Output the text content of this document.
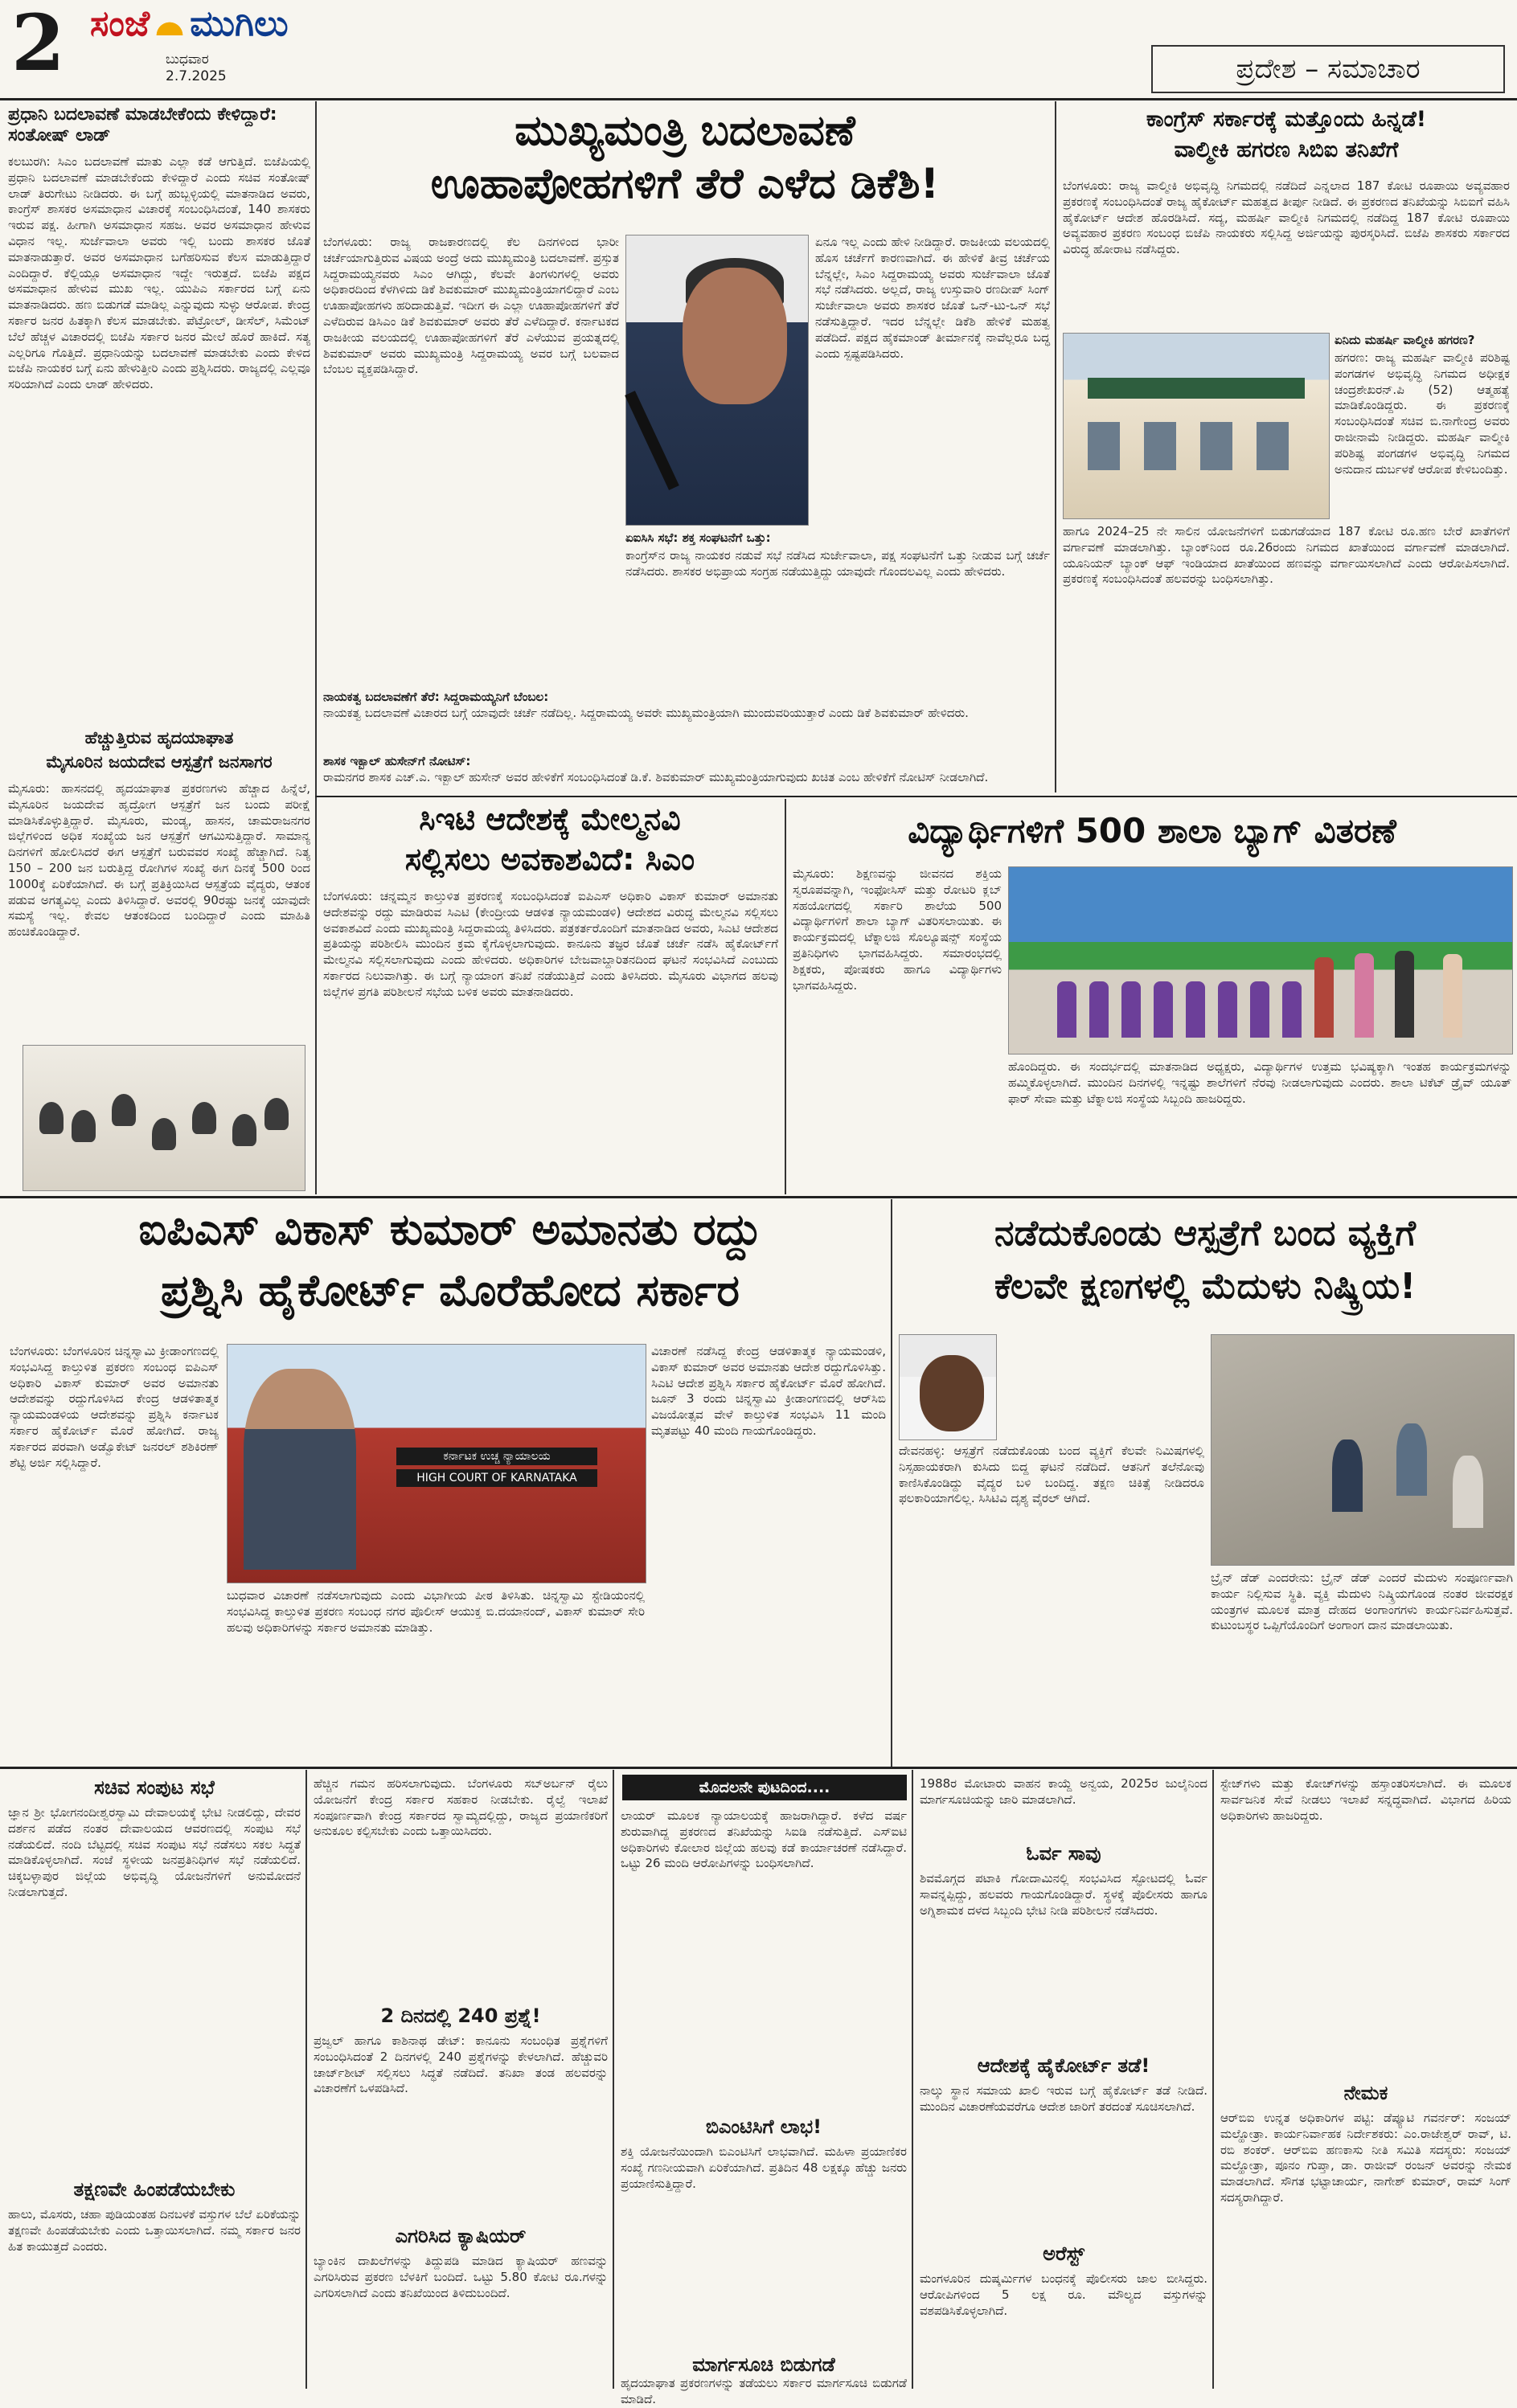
2 ಸಂಜೆ ಮುಗಿಲು
ಬುಧವಾರ
2.7.2025	ಪ್ರದೇಶ – ಸಮಾಚಾರ
ಪ್ರಧಾನಿ ಬದಲಾವಣೆ ಮಾಡಬೇಕೆಂದು ಕೇಳಿದ್ದಾರೆ: ಸಂತೋಷ್ ಲಾಡ್
ಕಲಬುರಗಿ: ಸಿಎಂ ಬದಲಾವಣೆ ಮಾತು ಎಲ್ಲಾ ಕಡೆ ಆಗುತ್ತಿದೆ. ಬಿಜೆಪಿಯಲ್ಲಿ ಪ್ರಧಾನಿ ಬದಲಾವಣೆ ಮಾಡಬೇಕೆಂದು ಕೇಳಿದ್ದಾರೆ ಎಂದು ಸಚಿವ ಸಂತೋಷ್ ಲಾಡ್ ತಿರುಗೇಟು ನೀಡಿದರು. ಈ ಬಗ್ಗೆ ಹುಬ್ಬಳ್ಳಿಯಲ್ಲಿ ಮಾತನಾಡಿದ ಅವರು, ಕಾಂಗ್ರೆಸ್ ಶಾಸಕರ ಅಸಮಾಧಾನ ವಿಚಾರಕ್ಕೆ ಸಂಬಂಧಿಸಿದಂತೆ, 140 ಶಾಸಕರು ಇರುವ ಪಕ್ಷ. ಹೀಗಾಗಿ ಅಸಮಾಧಾನ ಸಹಜ. ಅವರ ಅಸಮಾಧಾನ ಹೇಳುವ ವಿಧಾನ ಇಲ್ಲ. ಸುರ್ಜೆವಾಲಾ ಅವರು ಇಲ್ಲಿ ಬಂದು ಶಾಸಕರ ಜೊತೆ ಮಾತನಾಡುತ್ತಾರೆ. ಅವರ ಅಸಮಾಧಾನ ಬಗೆಹರಿಸುವ ಕೆಲಸ ಮಾಡುತ್ತಿದ್ದಾರೆ ಎಂದಿದ್ದಾರೆ. ಕೆಲ್ಲಿಯ್ಲೂ ಅಸಮಾಧಾನ ಇದ್ದೇ ಇರುತ್ತದೆ. ಬಿಜೆಪಿ ಪಕ್ಷದ ಅಸಮಾಧಾನ ಹೇಳುವ ಮುಖ ಇಲ್ಲ. ಯುಪಿಎ ಸರ್ಕಾರದ ಬಗ್ಗೆ ಏನು ಮಾತನಾಡಿದರು. ಹಣ ಬಿಡುಗಡೆ ಮಾಡಿಲ್ಲ ಎನ್ನುವುದು ಸುಳ್ಳು ಆರೋಪ. ಕೇಂದ್ರ ಸರ್ಕಾರ ಜನರ ಹಿತಕ್ಕಾಗಿ ಕೆಲಸ ಮಾಡಬೇಕು. ಪೆಟ್ರೋಲ್, ಡೀಸೆಲ್, ಸಿಮೆಂಟ್ ಬೆಲೆ ಹೆಚ್ಚಳ ವಿಚಾರದಲ್ಲಿ ಬಿಜೆಪಿ ಸರ್ಕಾರ ಜನರ ಮೇಲೆ ಹೊರೆ ಹಾಕಿದೆ. ಸತ್ಯ ಎಲ್ಲರಿಗೂ ಗೊತ್ತಿದೆ. ಪ್ರಧಾನಿಯನ್ನು ಬದಲಾವಣೆ ಮಾಡಬೇಕು ಎಂದು ಕೇಳಿದ ಬಿಜೆಪಿ ನಾಯಕರ ಬಗ್ಗೆ ಏನು ಹೇಳುತ್ತೀರಿ ಎಂದು ಪ್ರಶ್ನಿಸಿದರು. ರಾಜ್ಯದಲ್ಲಿ ಎಲ್ಲವೂ ಸರಿಯಾಗಿದೆ ಎಂದು ಲಾಡ್ ಹೇಳಿದರು.
ಹೆಚ್ಚುತ್ತಿರುವ ಹೃದಯಾಘಾತ
ಮೈಸೂರಿನ ಜಯದೇವ ಆಸ್ಪತ್ರೆಗೆ ಜನಸಾಗರ
ಮೈಸೂರು: ಹಾಸನದಲ್ಲಿ ಹೃದಯಾಘಾತ ಪ್ರಕರಣಗಳು ಹೆಚ್ಚಾದ ಹಿನ್ನೆಲೆ, ಮೈಸೂರಿನ ಜಯದೇವ ಹೃದ್ರೋಗ ಆಸ್ಪತ್ರೆಗೆ ಜನ ಬಂದು ಪರೀಕ್ಷೆ ಮಾಡಿಸಿಕೊಳ್ಳುತ್ತಿದ್ದಾರೆ. ಮೈಸೂರು, ಮಂಡ್ಯ, ಹಾಸನ, ಚಾಮರಾಜನಗರ ಜಿಲ್ಲೆಗಳಿಂದ ಅಧಿಕ ಸಂಖ್ಯೆಯ ಜನ ಆಸ್ಪತ್ರೆಗೆ ಆಗಮಿಸುತ್ತಿದ್ದಾರೆ. ಸಾಮಾನ್ಯ ದಿನಗಳಿಗೆ ಹೋಲಿಸಿದರೆ ಈಗ ಆಸ್ಪತ್ರೆಗೆ ಬರುವವರ ಸಂಖ್ಯೆ ಹೆಚ್ಚಾಗಿದೆ. ನಿತ್ಯ 150 – 200 ಜನ ಬರುತ್ತಿದ್ದ ರೋಗಿಗಳ ಸಂಖ್ಯೆ ಈಗ ದಿನಕ್ಕೆ 500 ರಿಂದ 1000ಕ್ಕೆ ಏರಿಕೆಯಾಗಿದೆ. ಈ ಬಗ್ಗೆ ಪ್ರತಿಕ್ರಿಯಿಸಿದ ಆಸ್ಪತ್ರೆಯ ವೈದ್ಯರು, ಆತಂಕ ಪಡುವ ಅಗತ್ಯವಿಲ್ಲ ಎಂದು ತಿಳಿಸಿದ್ದಾರೆ. ಅವರಲ್ಲಿ 90ರಷ್ಟು ಜನಕ್ಕೆ ಯಾವುದೇ ಸಮಸ್ಯೆ ಇಲ್ಲ. ಕೇವಲ ಆತಂಕದಿಂದ ಬಂದಿದ್ದಾರೆ ಎಂದು ಮಾಹಿತಿ ಹಂಚಿಕೊಂಡಿದ್ದಾರೆ.
ಮುಖ್ಯಮಂತ್ರಿ ಬದಲಾವಣೆ
ಊಹಾಪೋಹಗಳಿಗೆ ತೆರೆ ಎಳೆದ ಡಿಕೆಶಿ!
ಬೆಂಗಳೂರು: ರಾಜ್ಯ ರಾಜಕಾರಣದಲ್ಲಿ ಕೆಲ ದಿನಗಳಿಂದ ಭಾರೀ ಚರ್ಚೆಯಾಗುತ್ತಿರುವ ವಿಷಯ ಅಂದ್ರೆ ಅದು ಮುಖ್ಯಮಂತ್ರಿ ಬದಲಾವಣೆ. ಪ್ರಸ್ತುತ ಸಿದ್ದರಾಮಯ್ಯನವರು ಸಿಎಂ ಆಗಿದ್ದು, ಕೆಲವೇ ತಿಂಗಳುಗಳಲ್ಲಿ ಅವರು ಅಧಿಕಾರದಿಂದ ಕೆಳಗಿಳಿದು ಡಿಕೆ ಶಿವಕುಮಾರ್ ಮುಖ್ಯಮಂತ್ರಿಯಾಗಲಿದ್ದಾರೆ ಎಂಬ ಊಹಾಪೋಹಗಳು ಹರಿದಾಡುತ್ತಿವೆ. ಇದೀಗ ಈ ಎಲ್ಲಾ ಊಹಾಪೋಹಗಳಿಗೆ ತೆರೆ ಎಳೆದಿರುವ ಡಿಸಿಎಂ ಡಿಕೆ ಶಿವಕುಮಾರ್ ಅವರು ತೆರೆ ಎಳೆದಿದ್ದಾರೆ. ಕರ್ನಾಟಕದ ರಾಜಕೀಯ ವಲಯದಲ್ಲಿ ಊಹಾಪೋಹಗಳಿಗೆ ತೆರೆ ಎಳೆಯುವ ಪ್ರಯತ್ನದಲ್ಲಿ ಶಿವಕುಮಾರ್ ಅವರು ಮುಖ್ಯಮಂತ್ರಿ ಸಿದ್ದರಾಮಯ್ಯ ಅವರ ಬಗ್ಗೆ ಬಲವಾದ ಬೆಂಬಲ ವ್ಯಕ್ತಪಡಿಸಿದ್ದಾರೆ.
ಏನೂ ಇಲ್ಲ ಎಂದು ಹೇಳಿ ನೀಡಿದ್ದಾರೆ. ರಾಜಕೀಯ ವಲಯದಲ್ಲಿ ಹೊಸ ಚರ್ಚೆಗೆ ಕಾರಣವಾಗಿದೆ. ಈ ಹೇಳಿಕೆ ತೀವ್ರ ಚರ್ಚೆಯ ಬೆನ್ನಲ್ಲೇ, ಸಿಎಂ ಸಿದ್ದರಾಮಯ್ಯ ಅವರು ಸುರ್ಜೆವಾಲಾ ಜೊತೆ ಸಭೆ ನಡೆಸಿದರು. ಅಲ್ಲದೆ, ರಾಜ್ಯ ಉಸ್ತುವಾರಿ ರಣದೀಪ್ ಸಿಂಗ್ ಸುರ್ಜೇವಾಲಾ ಅವರು ಶಾಸಕರ ಜೊತೆ ಒನ್-ಟು-ಒನ್ ಸಭೆ ನಡೆಸುತ್ತಿದ್ದಾರೆ. ಇದರ ಬೆನ್ನಲ್ಲೇ ಡಿಕೆಶಿ ಹೇಳಿಕೆ ಮಹತ್ವ ಪಡೆದಿದೆ. ಪಕ್ಷದ ಹೈಕಮಾಂಡ್ ತೀರ್ಮಾನಕ್ಕೆ ನಾವೆಲ್ಲರೂ ಬದ್ಧ ಎಂದು ಸ್ಪಷ್ಟಪಡಿಸಿದರು.
ಏಐಸಿಸಿ ಸಭೆ: ಶಕ್ತ ಸಂಘಟನೆಗೆ ಒತ್ತು:
ಕಾಂಗ್ರೆಸ್‌ನ ರಾಜ್ಯ ನಾಯಕರ ನಡುವೆ ಸಭೆ ನಡೆಸಿದ ಸುರ್ಜೇವಾಲಾ, ಪಕ್ಷ ಸಂಘಟನೆಗೆ ಒತ್ತು ನೀಡುವ ಬಗ್ಗೆ ಚರ್ಚೆ ನಡೆಸಿದರು. ಶಾಸಕರ ಅಭಿಪ್ರಾಯ ಸಂಗ್ರಹ ನಡೆಯುತ್ತಿದ್ದು ಯಾವುದೇ ಗೊಂದಲವಿಲ್ಲ ಎಂದು ಹೇಳಿದರು.
ನಾಯಕತ್ವ ಬದಲಾವಣೆಗೆ ತೆರೆ: ಸಿದ್ದರಾಮಯ್ಯನಿಗೆ ಬೆಂಬಲ:
ನಾಯಕತ್ವ ಬದಲಾವಣೆ ವಿಚಾರದ ಬಗ್ಗೆ ಯಾವುದೇ ಚರ್ಚೆ ನಡೆದಿಲ್ಲ. ಸಿದ್ದರಾಮಯ್ಯ ಅವರೇ ಮುಖ್ಯಮಂತ್ರಿಯಾಗಿ ಮುಂದುವರಿಯುತ್ತಾರೆ ಎಂದು ಡಿಕೆ ಶಿವಕುಮಾರ್ ಹೇಳಿದರು.
ಶಾಸಕ ಇಕ್ಬಾಲ್ ಹುಸೇನ್‌ಗೆ ನೋಟಿಸ್:
ರಾಮನಗರ ಶಾಸಕ ಎಚ್.ಎ. ಇಕ್ಬಾಲ್ ಹುಸೇನ್ ಅವರ ಹೇಳಿಕೆಗೆ ಸಂಬಂಧಿಸಿದಂತೆ ಡಿ.ಕೆ. ಶಿವಕುಮಾರ್ ಮುಖ್ಯಮಂತ್ರಿಯಾಗುವುದು ಖಚಿತ ಎಂಬ ಹೇಳಿಕೆಗೆ ನೋಟಿಸ್ ನೀಡಲಾಗಿದೆ.
ಕಾಂಗ್ರೆಸ್ ಸರ್ಕಾರಕ್ಕೆ ಮತ್ತೊಂದು ಹಿನ್ನಡೆ!
ವಾಲ್ಮೀಕಿ ಹಗರಣ ಸಿಬಿಐ ತನಿಖೆಗೆ
ಬೆಂಗಳೂರು: ರಾಜ್ಯ ವಾಲ್ಮೀಕಿ ಅಭಿವೃದ್ಧಿ ನಿಗಮದಲ್ಲಿ ನಡೆದಿದೆ ಎನ್ನಲಾದ 187 ಕೋಟಿ ರೂಪಾಯಿ ಅವ್ಯವಹಾರ ಪ್ರಕರಣಕ್ಕೆ ಸಂಬಂಧಿಸಿದಂತೆ ರಾಜ್ಯ ಹೈಕೋರ್ಟ್ ಮಹತ್ವದ ತೀರ್ಪು ನೀಡಿದೆ. ಈ ಪ್ರಕರಣದ ತನಿಖೆಯನ್ನು ಸಿಬಿಐಗೆ ವಹಿಸಿ ಹೈಕೋರ್ಟ್ ಆದೇಶ ಹೊರಡಿಸಿದೆ. ಸದ್ಯ, ಮಹರ್ಷಿ ವಾಲ್ಮೀಕಿ ನಿಗಮದಲ್ಲಿ ನಡೆದಿದ್ದ 187 ಕೋಟಿ ರೂಪಾಯಿ ಅವ್ಯವಹಾರ ಪ್ರಕರಣ ಸಂಬಂಧ ಬಿಜೆಪಿ ನಾಯಕರು ಸಲ್ಲಿಸಿದ್ದ ಅರ್ಜಿಯನ್ನು ಪುರಸ್ಕರಿಸಿದೆ. ಬಿಜೆಪಿ ಶಾಸಕರು ಸರ್ಕಾರದ ವಿರುದ್ಧ ಹೋರಾಟ ನಡೆಸಿದ್ದರು.
ಏನಿದು ಮಹರ್ಷಿ ವಾಲ್ಮೀಕಿ ಹಗರಣ?
ಹಗರಣ: ರಾಜ್ಯ ಮಹರ್ಷಿ ವಾಲ್ಮೀಕಿ ಪರಿಶಿಷ್ಟ ಪಂಗಡಗಳ ಅಭಿವೃದ್ಧಿ ನಿಗಮದ ಅಧೀಕ್ಷಕ ಚಂದ್ರಶೇಖರನ್.ಪಿ (52) ಆತ್ಮಹತ್ಯೆ ಮಾಡಿಕೊಂಡಿದ್ದರು. ಈ ಪ್ರಕರಣಕ್ಕೆ ಸಂಬಂಧಿಸಿದಂತೆ ಸಚಿವ ಬಿ.ನಾಗೇಂದ್ರ ಅವರು ರಾಜೀನಾಮೆ ನೀಡಿದ್ದರು. ಮಹರ್ಷಿ ವಾಲ್ಮೀಕಿ ಪರಿಶಿಷ್ಟ ಪಂಗಡಗಳ ಅಭಿವೃದ್ಧಿ ನಿಗಮದ ಅನುದಾನ ದುರ್ಬಳಕೆ ಆರೋಪ ಕೇಳಿಬಂದಿತ್ತು.
ಹಾಗೂ 2024–25 ನೇ ಸಾಲಿನ ಯೋಜನೆಗಳಿಗೆ ಬಿಡುಗಡೆಯಾದ 187 ಕೋಟಿ ರೂ.ಹಣ ಬೇರೆ ಖಾತೆಗಳಿಗೆ ವರ್ಗಾವಣೆ ಮಾಡಲಾಗಿತ್ತು. ಬ್ಯಾಂಕ್‌ನಿಂದ ರೂ.26ರಂದು ನಿಗಮದ ಖಾತೆಯಿಂದ ವರ್ಗಾವಣೆ ಮಾಡಲಾಗಿದೆ. ಯೂನಿಯನ್ ಬ್ಯಾಂಕ್ ಆಫ್ ಇಂಡಿಯಾದ ಖಾತೆಯಿಂದ ಹಣವನ್ನು ವರ್ಗಾಯಿಸಲಾಗಿದೆ ಎಂದು ಆರೋಪಿಸಲಾಗಿದೆ. ಪ್ರಕರಣಕ್ಕೆ ಸಂಬಂಧಿಸಿದಂತೆ ಹಲವರನ್ನು ಬಂಧಿಸಲಾಗಿತ್ತು.
ಸಿಇಟಿ ಆದೇಶಕ್ಕೆ ಮೇಲ್ಮನವಿ
ಸಲ್ಲಿಸಲು ಅವಕಾಶವಿದೆ: ಸಿಎಂ
ಬೆಂಗಳೂರು: ಚನ್ನಮ್ಮನ ಕಾಲ್ತುಳಿತ ಪ್ರಕರಣಕ್ಕೆ ಸಂಬಂಧಿಸಿದಂತೆ ಐಪಿಎಸ್ ಅಧಿಕಾರಿ ವಿಕಾಸ್ ಕುಮಾರ್ ಅಮಾನತು ಆದೇಶವನ್ನು ರದ್ದು ಮಾಡಿರುವ ಸಿಎಟಿ (ಕೇಂದ್ರೀಯ ಆಡಳಿತ ನ್ಯಾಯಮಂಡಳಿ) ಆದೇಶದ ವಿರುದ್ಧ ಮೇಲ್ಮನವಿ ಸಲ್ಲಿಸಲು ಅವಕಾಶವಿದೆ ಎಂದು ಮುಖ್ಯಮಂತ್ರಿ ಸಿದ್ದರಾಮಯ್ಯ ತಿಳಿಸಿದರು. ಪತ್ರಕರ್ತರೊಂದಿಗೆ ಮಾತನಾಡಿದ ಅವರು, ಸಿಎಟಿ ಆದೇಶದ ಪ್ರತಿಯನ್ನು ಪರಿಶೀಲಿಸಿ ಮುಂದಿನ ಕ್ರಮ ಕೈಗೊಳ್ಳಲಾಗುವುದು. ಕಾನೂನು ತಜ್ಞರ ಜೊತೆ ಚರ್ಚೆ ನಡೆಸಿ ಹೈಕೋರ್ಟ್‌ಗೆ ಮೇಲ್ಮನವಿ ಸಲ್ಲಿಸಲಾಗುವುದು ಎಂದು ಹೇಳಿದರು. ಅಧಿಕಾರಿಗಳ ಬೇಜವಾಬ್ದಾರಿತನದಿಂದ ಘಟನೆ ಸಂಭವಿಸಿದೆ ಎಂಬುದು ಸರ್ಕಾರದ ನಿಲುವಾಗಿತ್ತು. ಈ ಬಗ್ಗೆ ನ್ಯಾಯಾಂಗ ತನಿಖೆ ನಡೆಯುತ್ತಿದೆ ಎಂದು ತಿಳಿಸಿದರು. ಮೈಸೂರು ವಿಭಾಗದ ಹಲವು ಜಿಲ್ಲೆಗಳ ಪ್ರಗತಿ ಪರಿಶೀಲನೆ ಸಭೆಯ ಬಳಿಕ ಅವರು ಮಾತನಾಡಿದರು.
ವಿದ್ಯಾರ್ಥಿಗಳಿಗೆ 500 ಶಾಲಾ ಬ್ಯಾಗ್ ವಿತರಣೆ
ಮೈಸೂರು: ಶಿಕ್ಷಣವನ್ನು ಜೀವನದ ಶಕ್ತಿಯ ಸ್ವರೂಪವನ್ನಾಗಿ, ಇಂಫೋಸಿಸ್ ಮತ್ತು ರೋಟರಿ ಕ್ಲಬ್ ಸಹಯೋಗದಲ್ಲಿ ಸರ್ಕಾರಿ ಶಾಲೆಯ 500 ವಿದ್ಯಾರ್ಥಿಗಳಿಗೆ ಶಾಲಾ ಬ್ಯಾಗ್ ವಿತರಿಸಲಾಯಿತು. ಈ ಕಾರ್ಯಕ್ರಮದಲ್ಲಿ ಟೆಕ್ನಾಲಜಿ ಸೊಲ್ಯೂಷನ್ಸ್ ಸಂಸ್ಥೆಯ ಪ್ರತಿನಿಧಿಗಳು ಭಾಗವಹಿಸಿದ್ದರು. ಸಮಾರಂಭದಲ್ಲಿ ಶಿಕ್ಷಕರು, ಪೋಷಕರು ಹಾಗೂ ವಿದ್ಯಾರ್ಥಿಗಳು ಭಾಗವಹಿಸಿದ್ದರು.
ಹೊಂದಿದ್ದರು. ಈ ಸಂದರ್ಭದಲ್ಲಿ ಮಾತನಾಡಿದ ಅಧ್ಯಕ್ಷರು, ವಿದ್ಯಾರ್ಥಿಗಳ ಉತ್ತಮ ಭವಿಷ್ಯಕ್ಕಾಗಿ ಇಂತಹ ಕಾರ್ಯಕ್ರಮಗಳನ್ನು ಹಮ್ಮಿಕೊಳ್ಳಲಾಗಿದೆ. ಮುಂದಿನ ದಿನಗಳಲ್ಲಿ ಇನ್ನಷ್ಟು ಶಾಲೆಗಳಿಗೆ ನೆರವು ನೀಡಲಾಗುವುದು ಎಂದರು. ಶಾಲಾ ಟಿಕೆಟ್ ಡ್ರೈವ್ ಯೂತ್ ಫಾರ್ ಸೇವಾ ಮತ್ತು ಟೆಕ್ನಾಲಜಿ ಸಂಸ್ಥೆಯ ಸಿಬ್ಬಂದಿ ಹಾಜರಿದ್ದರು.
ಐಪಿಎಸ್ ವಿಕಾಸ್ ಕುಮಾರ್ ಅಮಾನತು ರದ್ದು
ಪ್ರಶ್ನಿಸಿ ಹೈಕೋರ್ಟ್ ಮೊರೆಹೋದ ಸರ್ಕಾರ
ಬೆಂಗಳೂರು: ಬೆಂಗಳೂರಿನ ಚಿನ್ನಸ್ವಾಮಿ ಕ್ರೀಡಾಂಗಣದಲ್ಲಿ ಸಂಭವಿಸಿದ್ದ ಕಾಲ್ತುಳಿತ ಪ್ರಕರಣ ಸಂಬಂಧ ಐಪಿಎಸ್ ಅಧಿಕಾರಿ ವಿಕಾಸ್ ಕುಮಾರ್ ಅವರ ಅಮಾನತು ಆದೇಶವನ್ನು ರದ್ದುಗೊಳಿಸಿದ ಕೇಂದ್ರ ಆಡಳಿತಾತ್ಮಕ ನ್ಯಾಯಮಂಡಳಿಯ ಆದೇಶವನ್ನು ಪ್ರಶ್ನಿಸಿ ಕರ್ನಾಟಕ ಸರ್ಕಾರ ಹೈಕೋರ್ಟ್ ಮೊರೆ ಹೋಗಿದೆ. ರಾಜ್ಯ ಸರ್ಕಾರದ ಪರವಾಗಿ ಅಡ್ವೊಕೇಟ್ ಜನರಲ್ ಶಶಿಕಿರಣ್ ಶೆಟ್ಟಿ ಅರ್ಜಿ ಸಲ್ಲಿಸಿದ್ದಾರೆ.
HIGH COURT OF KARNATAKA
ಕರ್ನಾಟಕ ಉಚ್ಚ ನ್ಯಾಯಾಲಯ
ಬುಧವಾರ ವಿಚಾರಣೆ ನಡೆಸಲಾಗುವುದು ಎಂದು ವಿಭಾಗೀಯ ಪೀಠ ತಿಳಿಸಿತು. ಚಿನ್ನಸ್ವಾಮಿ ಸ್ಟೇಡಿಯಂನಲ್ಲಿ ಸಂಭವಿಸಿದ್ದ ಕಾಲ್ತುಳಿತ ಪ್ರಕರಣ ಸಂಬಂಧ ನಗರ ಪೊಲೀಸ್ ಆಯುಕ್ತ ಬಿ.ದಯಾನಂದ್, ವಿಕಾಸ್ ಕುಮಾರ್ ಸೇರಿ ಹಲವು ಅಧಿಕಾರಿಗಳನ್ನು ಸರ್ಕಾರ ಅಮಾನತು ಮಾಡಿತ್ತು.
ವಿಚಾರಣೆ ನಡೆಸಿದ್ದ ಕೇಂದ್ರ ಆಡಳಿತಾತ್ಮಕ ನ್ಯಾಯಮಂಡಳಿ, ವಿಕಾಸ್ ಕುಮಾರ್ ಅವರ ಅಮಾನತು ಆದೇಶ ರದ್ದುಗೊಳಿಸಿತ್ತು. ಸಿಎಟಿ ಆದೇಶ ಪ್ರಶ್ನಿಸಿ ಸರ್ಕಾರ ಹೈಕೋರ್ಟ್ ಮೊರೆ ಹೋಗಿದೆ. ಜೂನ್ 3 ರಂದು ಚಿನ್ನಸ್ವಾಮಿ ಕ್ರೀಡಾಂಗಣದಲ್ಲಿ ಆರ್‌ಸಿಬಿ ವಿಜಯೋತ್ಸವ ವೇಳೆ ಕಾಲ್ತುಳಿತ ಸಂಭವಿಸಿ 11 ಮಂದಿ ಮೃತಪಟ್ಟು 40 ಮಂದಿ ಗಾಯಗೊಂಡಿದ್ದರು.
ನಡೆದುಕೊಂಡು ಆಸ್ಪತ್ರೆಗೆ ಬಂದ ವ್ಯಕ್ತಿಗೆ
ಕೆಲವೇ ಕ್ಷಣಗಳಲ್ಲಿ ಮೆದುಳು ನಿಷ್ಕ್ರಿಯ!
ದೇವನಹಳ್ಳಿ: ಆಸ್ಪತ್ರೆಗೆ ನಡೆದುಕೊಂಡು ಬಂದ ವ್ಯಕ್ತಿಗೆ ಕೆಲವೇ ನಿಮಿಷಗಳಲ್ಲಿ ನಿಸ್ಸಹಾಯಕರಾಗಿ ಕುಸಿದು ಬಿದ್ದ ಘಟನೆ ನಡೆದಿದೆ. ಆತನಿಗೆ ತಲೆನೋವು ಕಾಣಿಸಿಕೊಂಡಿದ್ದು ವೈದ್ಯರ ಬಳಿ ಬಂದಿದ್ದ. ತಕ್ಷಣ ಚಿಕಿತ್ಸೆ ನೀಡಿದರೂ ಫಲಕಾರಿಯಾಗಲಿಲ್ಲ. ಸಿಸಿಟಿವಿ ದೃಶ್ಯ ವೈರಲ್ ಆಗಿದೆ.
ಬ್ರೈನ್ ಡೆಡ್ ಎಂದರೇನು: ಬ್ರೈನ್ ಡೆಡ್ ಎಂದರೆ ಮೆದುಳು ಸಂಪೂರ್ಣವಾಗಿ ಕಾರ್ಯ ನಿಲ್ಲಿಸುವ ಸ್ಥಿತಿ. ವ್ಯಕ್ತಿ ಮೆದುಳು ನಿಷ್ಕ್ರಿಯಗೊಂಡ ನಂತರ ಜೀವರಕ್ಷಕ ಯಂತ್ರಗಳ ಮೂಲಕ ಮಾತ್ರ ದೇಹದ ಅಂಗಾಂಗಗಳು ಕಾರ್ಯನಿರ್ವಹಿಸುತ್ತವೆ. ಕುಟುಂಬಸ್ಥರ ಒಪ್ಪಿಗೆಯೊಂದಿಗೆ ಅಂಗಾಂಗ ದಾನ ಮಾಡಲಾಯಿತು.
ಸಚಿವ ಸಂಪುಟ ಸಭೆ
ಜ್ಞಾನ ಶ್ರೀ ಭೋಗನಂದೀಶ್ವರಸ್ವಾಮಿ ದೇವಾಲಯಕ್ಕೆ ಭೇಟಿ ನೀಡಲಿದ್ದು, ದೇವರ ದರ್ಶನ ಪಡೆದ ನಂತರ ದೇವಾಲಯದ ಆವರಣದಲ್ಲಿ ಸಂಪುಟ ಸಭೆ ನಡೆಯಲಿದೆ. ನಂದಿ ಬೆಟ್ಟದಲ್ಲಿ ಸಚಿವ ಸಂಪುಟ ಸಭೆ ನಡೆಸಲು ಸಕಲ ಸಿದ್ಧತೆ ಮಾಡಿಕೊಳ್ಳಲಾಗಿದೆ. ಸಂಜೆ ಸ್ಥಳೀಯ ಜನಪ್ರತಿನಿಧಿಗಳ ಸಭೆ ನಡೆಯಲಿದೆ. ಚಿಕ್ಕಬಳ್ಳಾಪುರ ಜಿಲ್ಲೆಯ ಅಭಿವೃದ್ಧಿ ಯೋಜನೆಗಳಿಗೆ ಅನುಮೋದನೆ ನೀಡಲಾಗುತ್ತದೆ.
ತಕ್ಷಣವೇ ಹಿಂಪಡೆಯಬೇಕು
ಹಾಲು, ಮೊಸರು, ಚಹಾ ಪುಡಿಯಂತಹ ದಿನಬಳಕೆ ವಸ್ತುಗಳ ಬೆಲೆ ಏರಿಕೆಯನ್ನು ತಕ್ಷಣವೇ ಹಿಂಪಡೆಯಬೇಕು ಎಂದು ಒತ್ತಾಯಿಸಲಾಗಿದೆ. ನಮ್ಮ ಸರ್ಕಾರ ಜನರ ಹಿತ ಕಾಯುತ್ತದೆ ಎಂದರು.
ಹೆಚ್ಚಿನ ಗಮನ ಹರಿಸಲಾಗುವುದು. ಬೆಂಗಳೂರು ಸಬ್‌ಅರ್ಬನ್ ರೈಲು ಯೋಜನೆಗೆ ಕೇಂದ್ರ ಸರ್ಕಾರ ಸಹಕಾರ ನೀಡಬೇಕು. ರೈಲ್ವೆ ಇಲಾಖೆ ಸಂಪೂರ್ಣವಾಗಿ ಕೇಂದ್ರ ಸರ್ಕಾರದ ಸ್ವಾಮ್ಯದಲ್ಲಿದ್ದು, ರಾಜ್ಯದ ಪ್ರಯಾಣಿಕರಿಗೆ ಅನುಕೂಲ ಕಲ್ಪಿಸಬೇಕು ಎಂದು ಒತ್ತಾಯಿಸಿದರು.
2 ದಿನದಲ್ಲಿ 240 ಪ್ರಶ್ನೆ!
ಪ್ರಜ್ವಲ್ ಹಾಗೂ ಕಾಶಿನಾಥ ಡೇಟ್: ಕಾನೂನು ಸಂಬಂಧಿತ ಪ್ರಶ್ನೆಗಳಿಗೆ ಸಂಬಂಧಿಸಿದಂತೆ 2 ದಿನಗಳಲ್ಲಿ 240 ಪ್ರಶ್ನೆಗಳನ್ನು ಕೇಳಲಾಗಿದೆ. ಹೆಚ್ಚುವರಿ ಚಾರ್ಜ್‌ಶೀಟ್ ಸಲ್ಲಿಸಲು ಸಿದ್ಧತೆ ನಡೆದಿದೆ. ತನಿಖಾ ತಂಡ ಹಲವರನ್ನು ವಿಚಾರಣೆಗೆ ಒಳಪಡಿಸಿದೆ.
ಎಗರಿಸಿದ ಕ್ಯಾಷಿಯರ್
ಬ್ಯಾಂಕಿನ ದಾಖಲೆಗಳನ್ನು ತಿದ್ದುಪಡಿ ಮಾಡಿದ ಕ್ಯಾಷಿಯರ್ ಹಣವನ್ನು ಎಗರಿಸಿರುವ ಪ್ರಕರಣ ಬೆಳಕಿಗೆ ಬಂದಿದೆ. ಒಟ್ಟು 5.80 ಕೋಟಿ ರೂ.ಗಳನ್ನು ಎಗರಿಸಲಾಗಿದೆ ಎಂದು ತನಿಖೆಯಿಂದ ತಿಳಿದುಬಂದಿದೆ.
ಮೊದಲನೇ ಪುಟದಿಂದ....
ಲಾಯರ್ ಮೂಲಕ ನ್ಯಾಯಾಲಯಕ್ಕೆ ಹಾಜರಾಗಿದ್ದಾರೆ. ಕಳೆದ ವರ್ಷ ಶುರುವಾಗಿದ್ದ ಪ್ರಕರಣದ ತನಿಖೆಯನ್ನು ಸಿಐಡಿ ನಡೆಸುತ್ತಿದೆ. ಎಸ್ಐಟಿ ಅಧಿಕಾರಿಗಳು ಕೋಲಾರ ಜಿಲ್ಲೆಯ ಹಲವು ಕಡೆ ಕಾರ್ಯಾಚರಣೆ ನಡೆಸಿದ್ದಾರೆ. ಒಟ್ಟು 26 ಮಂದಿ ಆರೋಪಿಗಳನ್ನು ಬಂಧಿಸಲಾಗಿದೆ.
ಬಿಎಂಟಿಸಿಗೆ ಲಾಭ!
ಶಕ್ತಿ ಯೋಜನೆಯಿಂದಾಗಿ ಬಿಎಂಟಿಸಿಗೆ ಲಾಭವಾಗಿದೆ. ಮಹಿಳಾ ಪ್ರಯಾಣಿಕರ ಸಂಖ್ಯೆ ಗಣನೀಯವಾಗಿ ಏರಿಕೆಯಾಗಿದೆ. ಪ್ರತಿದಿನ 48 ಲಕ್ಷಕ್ಕೂ ಹೆಚ್ಚು ಜನರು ಪ್ರಯಾಣಿಸುತ್ತಿದ್ದಾರೆ.
ಮಾರ್ಗಸೂಚಿ ಬಿಡುಗಡೆ
ಹೃದಯಾಘಾತ ಪ್ರಕರಣಗಳನ್ನು ತಡೆಯಲು ಸರ್ಕಾರ ಮಾರ್ಗಸೂಚಿ ಬಿಡುಗಡೆ ಮಾಡಿದೆ.
1988ರ ಮೋಟಾರು ವಾಹನ ಕಾಯ್ದೆ ಅನ್ವಯ, 2025ರ ಜುಲೈನಿಂದ ಮಾರ್ಗಸೂಚಿಯನ್ನು ಜಾರಿ ಮಾಡಲಾಗಿದೆ.
ಓರ್ವ ಸಾವು
ಶಿವಮೊಗ್ಗದ ಪಟಾಕಿ ಗೋದಾಮಿನಲ್ಲಿ ಸಂಭವಿಸಿದ ಸ್ಫೋಟದಲ್ಲಿ ಓರ್ವ ಸಾವನ್ನಪ್ಪಿದ್ದು, ಹಲವರು ಗಾಯಗೊಂಡಿದ್ದಾರೆ. ಸ್ಥಳಕ್ಕೆ ಪೊಲೀಸರು ಹಾಗೂ ಅಗ್ನಿಶಾಮಕ ದಳದ ಸಿಬ್ಬಂದಿ ಭೇಟಿ ನೀಡಿ ಪರಿಶೀಲನೆ ನಡೆಸಿದರು.
ಆದೇಶಕ್ಕೆ ಹೈಕೋರ್ಟ್ ತಡೆ!
ನಾಲ್ಕು ಸ್ಥಾನ ಸಮಾಯ ಖಾಲಿ ಇರುವ ಬಗ್ಗೆ ಹೈಕೋರ್ಟ್ ತಡೆ ನೀಡಿದೆ. ಮುಂದಿನ ವಿಚಾರಣೆಯವರೆಗೂ ಆದೇಶ ಜಾರಿಗೆ ತರದಂತೆ ಸೂಚಿಸಲಾಗಿದೆ.
ಅರೆಸ್ಟ್
ಮಂಗಳೂರಿನ ದುಷ್ಕರ್ಮಿಗಳ ಬಂಧನಕ್ಕೆ ಪೊಲೀಸರು ಜಾಲ ಬೀಸಿದ್ದರು. ಆರೋಪಿಗಳಿಂದ 5 ಲಕ್ಷ ರೂ. ಮೌಲ್ಯದ ವಸ್ತುಗಳನ್ನು ವಶಪಡಿಸಿಕೊಳ್ಳಲಾಗಿದೆ.
ಸ್ಟೇಜ್‌ಗಳು ಮತ್ತು ಕೋಚ್‌ಗಳನ್ನು ಹಸ್ತಾಂತರಿಸಲಾಗಿದೆ. ಈ ಮೂಲಕ ಸಾರ್ವಜನಿಕ ಸೇವೆ ನೀಡಲು ಇಲಾಖೆ ಸನ್ನದ್ಧವಾಗಿದೆ. ವಿಭಾಗದ ಹಿರಿಯ ಅಧಿಕಾರಿಗಳು ಹಾಜರಿದ್ದರು.
ನೇಮಕ
ಆರ್‌ಬಿಐ ಉನ್ನತ ಅಧಿಕಾರಿಗಳ ಪಟ್ಟಿ: ಡೆಪ್ಯೂಟಿ ಗವರ್ನರ್: ಸಂಜಯ್ ಮಲ್ಹೋತ್ರಾ. ಕಾರ್ಯನಿರ್ವಾಹಕ ನಿರ್ದೇಶಕರು: ಎಂ.ರಾಜೇಶ್ವರ್ ರಾವ್, ಟಿ. ರಬಿ ಶಂಕರ್. ಆರ್‌ಬಿಐ ಹಣಕಾಸು ನೀತಿ ಸಮಿತಿ ಸದಸ್ಯರು: ಸಂಜಯ್ ಮಲ್ಹೋತ್ರಾ, ಪೂನಂ ಗುಪ್ತಾ, ಡಾ. ರಾಜೀವ್ ರಂಜನ್ ಅವರನ್ನು ನೇಮಕ ಮಾಡಲಾಗಿದೆ. ಸೌಗತ ಭಟ್ಟಾಚಾರ್ಯ, ನಾಗೇಶ್ ಕುಮಾರ್, ರಾಮ್ ಸಿಂಗ್ ಸದಸ್ಯರಾಗಿದ್ದಾರೆ.
